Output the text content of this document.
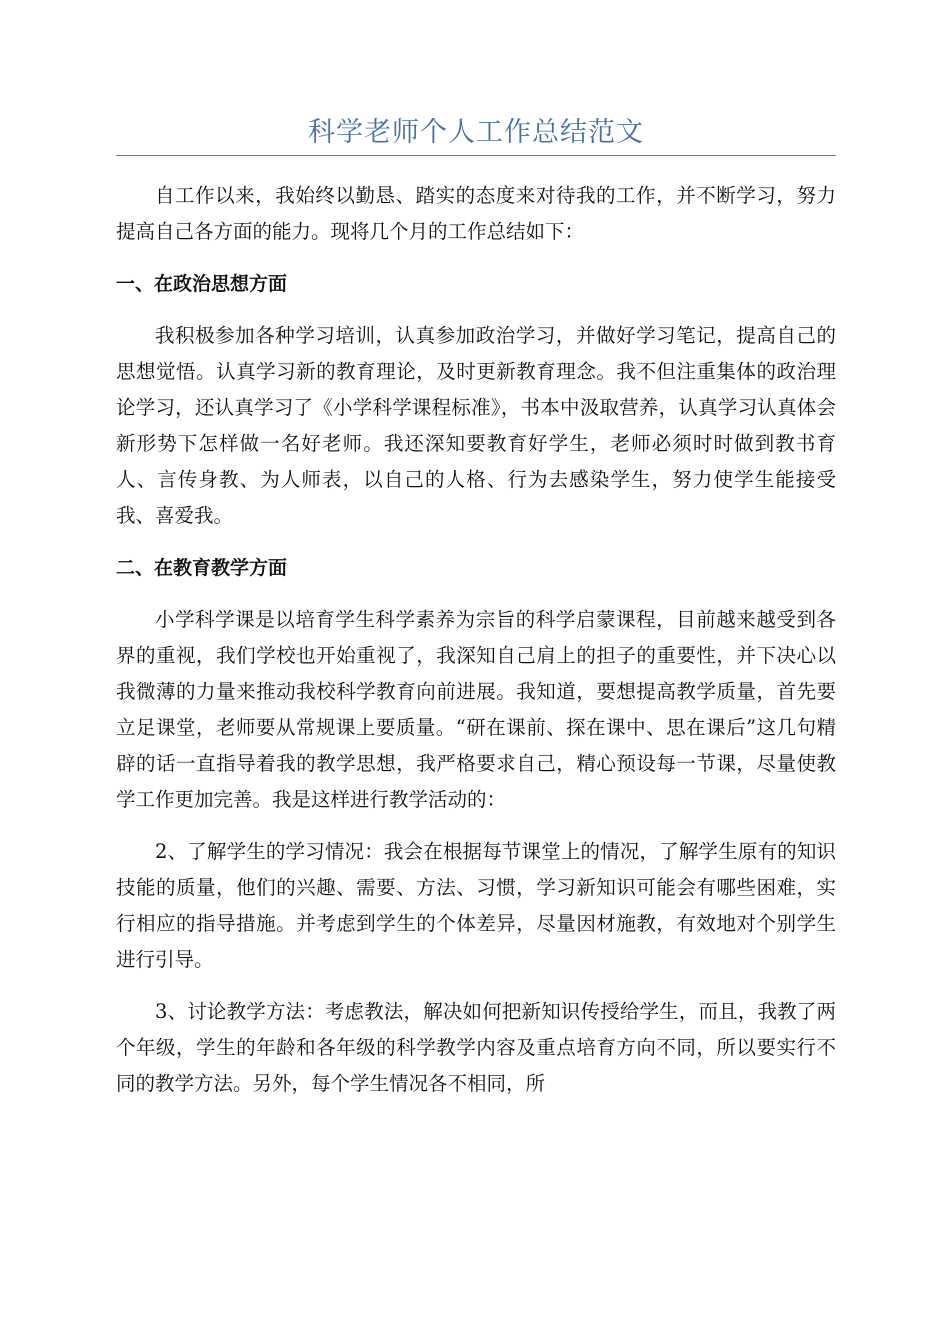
科学老师个人工作总结范文

自工作以来，我始终以勤恳、踏实的态度来对待我的工作，并不断学习，努力提高自己各方面的能力。现将几个月的工作总结如下：

一、在政治思想方面

我积极参加各种学习培训，认真参加政治学习，并做好学习笔记，提高自己的思想觉悟。认真学习新的教育理论，及时更新教育理念。我不但注重集体的政治理论学习，还认真学习了《小学科学课程标准》，书本中汲取营养，认真学习认真体会新形势下怎样做一名好老师。我还深知要教育好学生，老师必须时时做到教书育人、言传身教、为人师表，以自己的人格、行为去感染学生，努力使学生能接受我、喜爱我。

二、在教育教学方面

小学科学课是以培育学生科学素养为宗旨的科学启蒙课程，目前越来越受到各界的重视，我们学校也开始重视了，我深知自己肩上的担子的重要性，并下决心以我微薄的力量来推动我校科学教育向前进展。我知道，要想提高教学质量，首先要立足课堂，老师要从常规课上要质量。“研在课前、探在课中、思在课后”这几句精辟的话一直指导着我的教学思想，我严格要求自己，精心预设每一节课，尽量使教学工作更加完善。我是这样进行教学活动的：

2、了解学生的学习情况：我会在根据每节课堂上的情况，了解学生原有的知识技能的质量，他们的兴趣、需要、方法、习惯，学习新知识可能会有哪些困难，实行相应的指导措施。并考虑到学生的个体差异，尽量因材施教，有效地对个别学生进行引导。

3、讨论教学方法：考虑教法，解决如何把新知识传授给学生，而且，我教了两个年级，学生的年龄和各年级的科学教学内容及重点培育方向不同，所以要实行不同的教学方法。另外，每个学生情况各不相同，所
